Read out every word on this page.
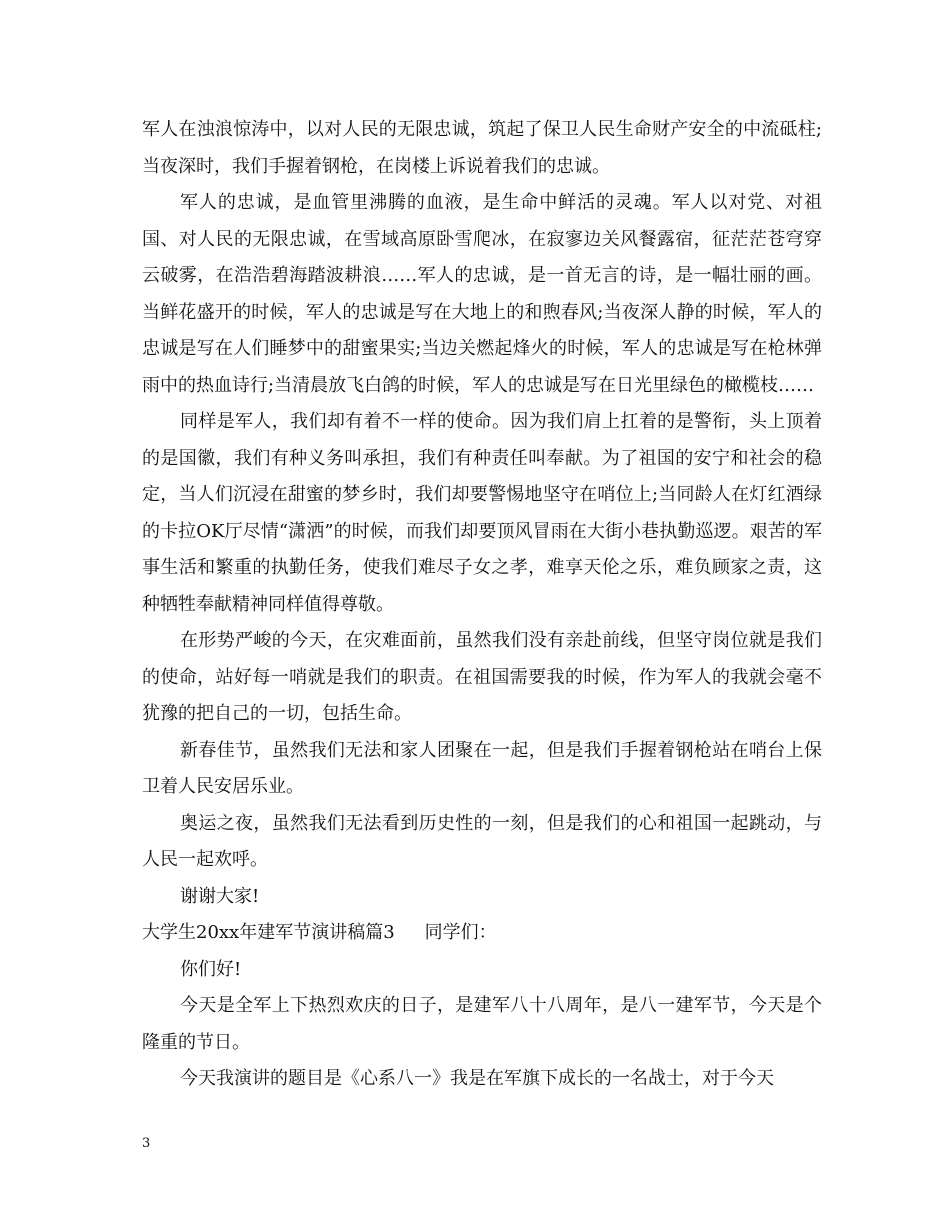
军人在浊浪惊涛中，以对人民的无限忠诚，筑起了保卫人民生命财产安全的中流砥柱;当夜深时，我们手握着钢枪，在岗楼上诉说着我们的忠诚。

军人的忠诚，是血管里沸腾的血液，是生命中鲜活的灵魂。军人以对党、对祖国、对人民的无限忠诚，在雪域高原卧雪爬冰，在寂寥边关风餐露宿，征茫茫苍穹穿云破雾，在浩浩碧海踏波耕浪……军人的忠诚，是一首无言的诗，是一幅壮丽的画。当鲜花盛开的时候，军人的忠诚是写在大地上的和煦春风;当夜深人静的时候，军人的忠诚是写在人们睡梦中的甜蜜果实;当边关燃起烽火的时候，军人的忠诚是写在枪林弹雨中的热血诗行;当清晨放飞白鸽的时候，军人的忠诚是写在日光里绿色的橄榄枝……

同样是军人，我们却有着不一样的使命。因为我们肩上扛着的是警衔，头上顶着的是国徽，我们有种义务叫承担，我们有种责任叫奉献。为了祖国的安宁和社会的稳定，当人们沉浸在甜蜜的梦乡时，我们却要警惕地坚守在哨位上;当同龄人在灯红酒绿的卡拉OK厅尽情“潇洒”的时候，而我们却要顶风冒雨在大街小巷执勤巡逻。艰苦的军事生活和繁重的执勤任务，使我们难尽子女之孝，难享天伦之乐，难负顾家之责，这种牺牲奉献精神同样值得尊敬。

在形势严峻的今天，在灾难面前，虽然我们没有亲赴前线，但坚守岗位就是我们的使命，站好每一哨就是我们的职责。在祖国需要我的时候，作为军人的我就会毫不犹豫的把自己的一切，包括生命。

新春佳节，虽然我们无法和家人团聚在一起，但是我们手握着钢枪站在哨台上保卫着人民安居乐业。

奥运之夜，虽然我们无法看到历史性的一刻，但是我们的心和祖国一起跳动，与人民一起欢呼。

谢谢大家!

大学生20xx年建军节演讲稿篇3 同学们：

你们好!

今天是全军上下热烈欢庆的日子，是建军八十八周年，是八一建军节，今天是个隆重的节日。

今天我演讲的题目是《心系八一》我是在军旗下成长的一名战士，对于今天

3
